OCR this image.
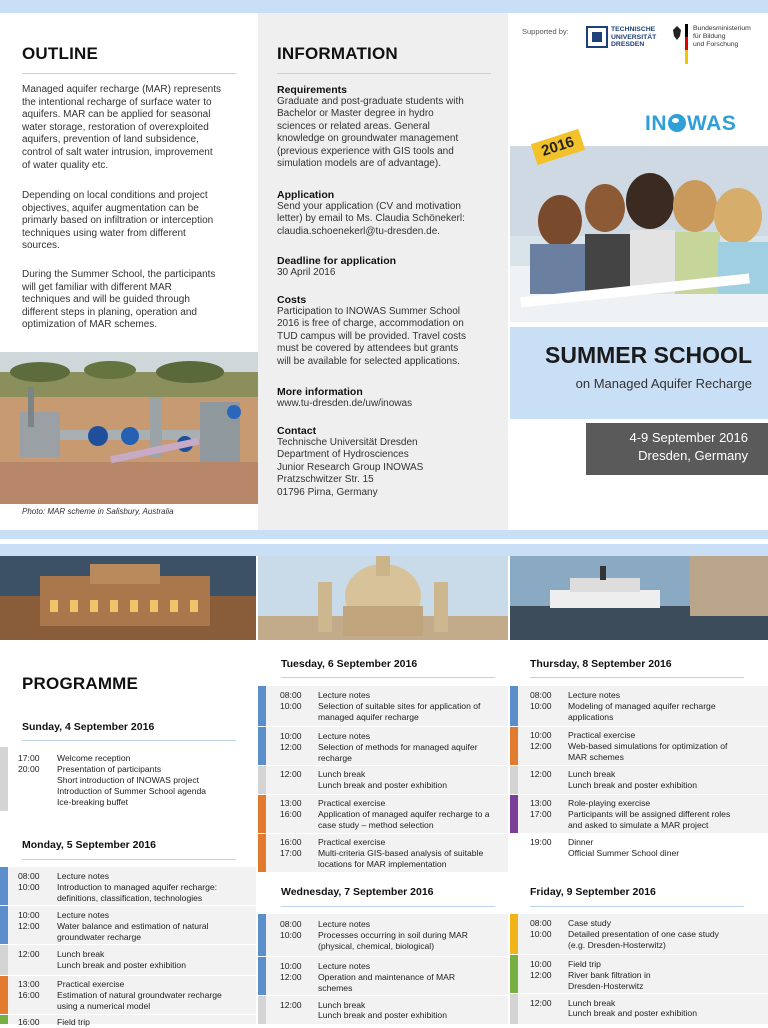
OUTLINE
Managed aquifer recharge (MAR) represents
the intentional recharge of surface water to
aquifers. MAR can be applied for seasonal
water storage, restoration of overexploited
aquifers, prevention of land subsidence,
control of salt water intrusion, improvement
of water quality etc.
Depending on local conditions and project
objectives, aquifer augmentation can be
primarly based on infiltration or interception
techniques using water from different
sources.
During the Summer School, the participants
will get familiar with different MAR
techniques and will be guided through
different steps in planing, operation and
optimization of MAR schemes.
Photo: MAR scheme in Salisbury, Australia
INFORMATION
Requirements
Graduate and post-graduate students with
Bachelor or Master degree in hydro
sciences or related areas. General
knowledge on groundwater management
(previous experience with GIS tools and
simulation models are of advantage).
Application
Send your application (CV and motivation
letter) by email to Ms. Claudia Schönekerl:
claudia.schoenekerl@tu-dresden.de.
Deadline for application
30 April 2016
Costs
Participation to INOWAS Summer School
2016 is free of charge, accommodation on
TUD campus will be provided. Travel costs
must be covered by attendees but grants
will be available for selected applications.
More information
www.tu-dresden.de/uw/inowas
Contact
Technische Universität Dresden
Department of Hydrosciences
Junior Research Group INOWAS
Pratzschwitzer Str. 15
01796 Pirna, Germany
Supported by:	TECHNISCHE
UNIVERSITÄT
DRESDEN
Bundesministerium
für Bildung
und Forschung
IN WAS
2016
SUMMER SCHOOL
on Managed Aquifer Recharge
4-9 September 2016
Dresden, Germany
PROGRAMME
Sunday, 4 September 2016
17:00
20:00
Welcome reception
Presentation of participants
Short introduction of INOWAS project
Introduction of Summer School agenda
Ice-breaking buffet
Monday, 5 September 2016
08:00
10:00
Lecture notes
Introduction to managed aquifer recharge:
definitions, classification, technologies
10:00
12:00
Lecture notes
Water balance and estimation of natural
groundwater recharge
12:00 Lunch break
Lunch break and poster exhibition
13:00
16:00
Practical exercise
Estimation of natural groundwater recharge
using a numerical model
16:00 Field trip
Tuesday, 6 September 2016
08:00
10:00
Lecture notes
Selection of suitable sites for application of
managed aquifer recharge
10:00
12:00
Lecture notes
Selection of methods for managed aquifer
recharge
12:00 Lunch break
Lunch break and poster exhibition
13:00
16:00
Practical exercise
Application of managed aquifer recharge to a
case study – method selection
16:00
17:00
Practical exercise
Multi-criteria GIS-based analysis of suitable
locations for MAR implementation
Wednesday, 7 September 2016
08:00
10:00
Lecture notes
Processes occurring in soil during MAR
(physical, chemical, biological)
10:00
12:00
Lecture notes
Operation and maintenance of MAR
schemes
12:00 Lunch break
Lunch break and poster exhibition
Thursday, 8 September 2016
08:00
10:00
Lecture notes
Modeling of managed aquifer recharge
applications
10:00
12:00
Practical exercise
Web-based simulations for optimization of
MAR schemes
12:00 Lunch break
Lunch break and poster exhibition
13:00
17:00
Role-playing exercise
Participants will be assigned different roles
and asked to simulate a MAR project
19:00 Dinner
Official Summer School diner
Friday, 9 September 2016
08:00
10:00
Case study
Detailed presentation of one case study
(e.g. Dresden-Hosterwitz)
10:00
12:00
Field trip
River bank filtration in
Dresden-Hosterwitz
12:00 Lunch break
Lunch break and poster exhibition
